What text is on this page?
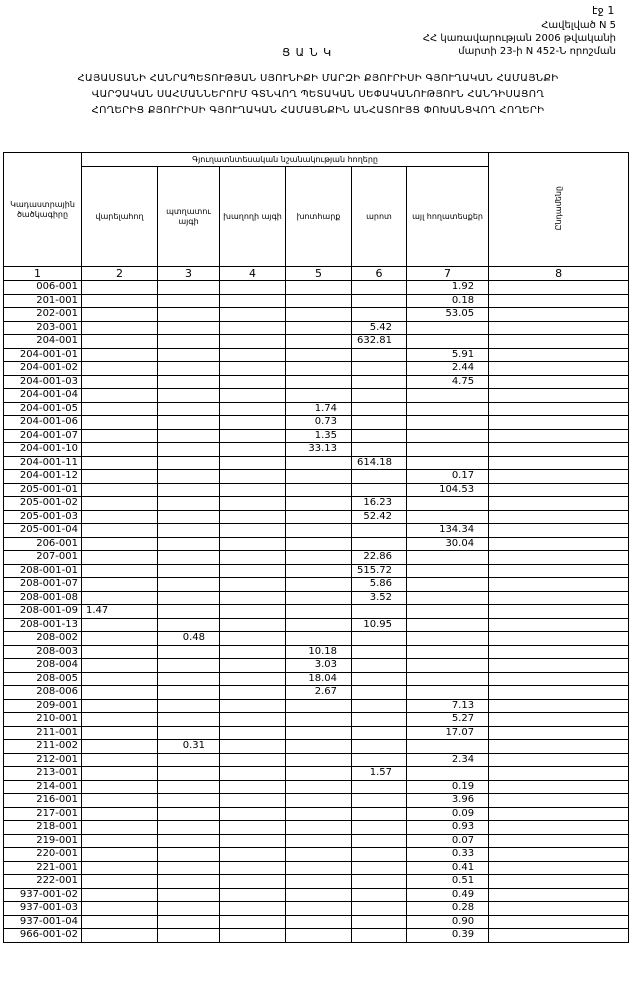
էջ 1
Հավելված N 5
ՀՀ կառավարության 2006 թվականի
մարտի 23-ի N 452-Ն որոշման
Ց Ա Ն Կ
ՀԱՅԱՍՏԱՆԻ ՀԱՆՐԱՊԵՏՈՒԹՅԱՆ ՍՅՈՒՆԻՔԻ ՄԱՐԶԻ ՔՅՈՒՐԻՍԻ ԳՅՈՒՂԱԿԱՆ ՀԱՄԱՅՆՔԻ
ՎԱՐՉԱԿԱՆ ՍԱՀՄԱՆՆԵՐՈՒՄ ԳՏՆՎՈՂ ՊԵՏԱԿԱՆ ՍԵՓԱԿԱՆՈՒԹՅՈՒՆ ՀԱՆԴԻՍԱՑՈՂ
ՀՈՂԵՐԻՑ ՔՅՈՒՐԻՍԻ ԳՅՈՒՂԱԿԱՆ ՀԱՄԱՅՆՔԻՆ ԱՆՀԱՏՈՒՅՑ ՓՈԽԱՆՑՎՈՂ ՀՈՂԵՐԻ
Կադաստրային ծածկագիրը	Գյուղատնտեսական նշանակության հողերը						Ընդամենը
	վարելահող	պտղատու այգի	խաղողի այգի	խոտհարք	արոտ	այլ հողատեսքեր	
1	2	3	4	5	6	7	8
006-001						1.92	
201-001						0.18	
202-001						53.05	
203-001					5.42		
204-001					632.81		
204-001-01						5.91	
204-001-02						2.44	
204-001-03						4.75	
204-001-04							
204-001-05				1.74			
204-001-06				0.73			
204-001-07				1.35			
204-001-10				33.13			
204-001-11					614.18		
204-001-12						0.17	
205-001-01						104.53	
205-001-02					16.23		
205-001-03					52.42		
205-001-04						134.34	
206-001						30.04	
207-001					22.86		
208-001-01					515.72		
208-001-07					5.86		
208-001-08					3.52		
208-001-09	1.47						
208-001-13					10.95		
208-002		0.48					
208-003				10.18			
208-004				3.03			
208-005				18.04			
208-006				2.67			
209-001						7.13	
210-001						5.27	
211-001						17.07	
211-002		0.31					
212-001						2.34	
213-001					1.57		
214-001						0.19	
216-001						3.96	
217-001						0.09	
218-001						0.93	
219-001						0.07	
220-001						0.33	
221-001						0.41	
222-001						0.51	
937-001-02						0.49	
937-001-03						0.28	
937-001-04						0.90	
966-001-02						0.39	
